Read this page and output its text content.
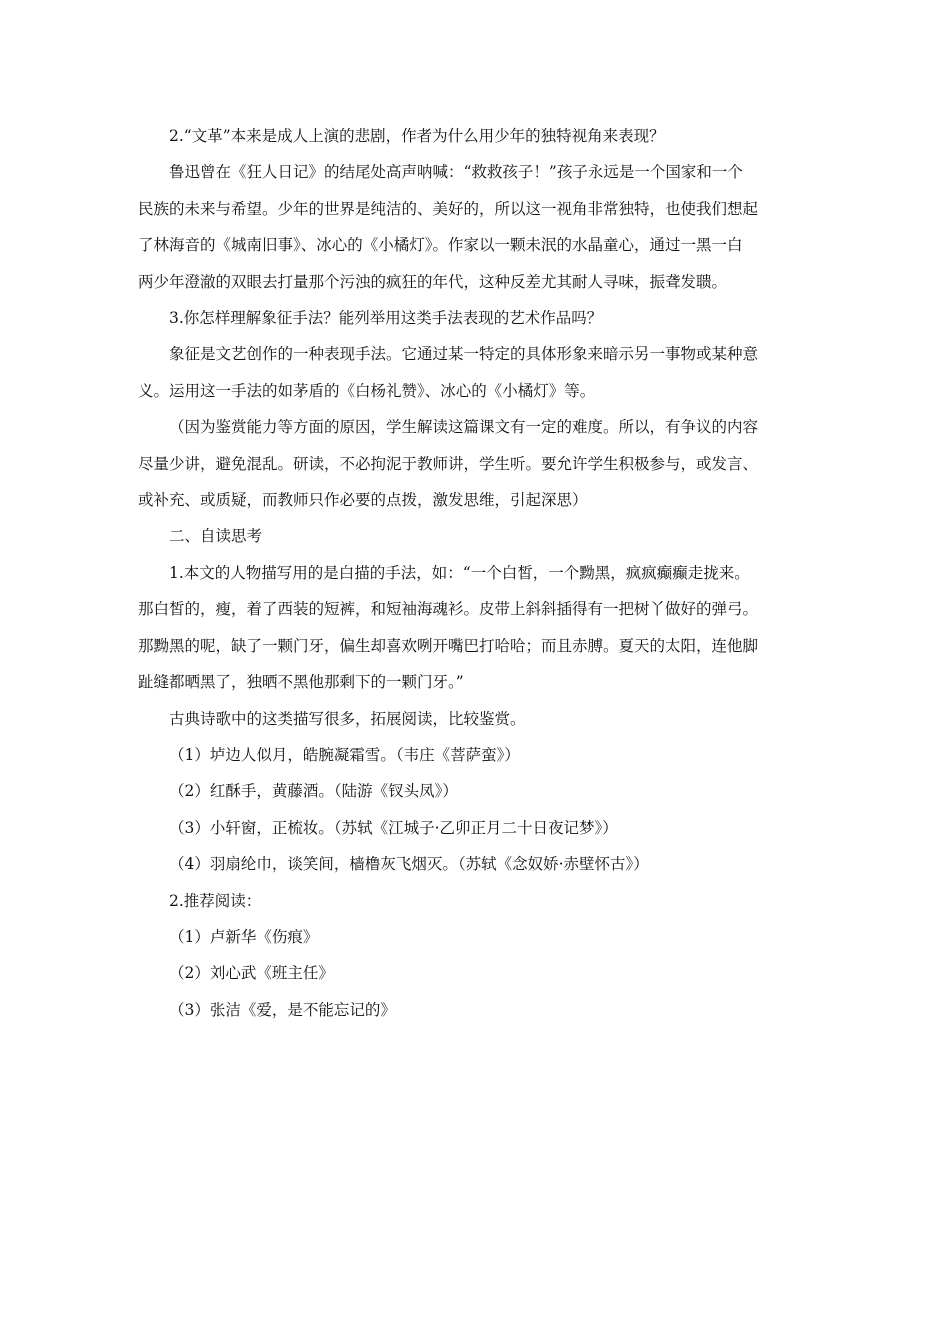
2.“文革”本来是成人上演的悲剧，作者为什么用少年的独特视角来表现？

鲁迅曾在《狂人日记》的结尾处高声呐喊：“救救孩子！”孩子永远是一个国家和一个

民族的未来与希望。少年的世界是纯洁的、美好的，所以这一视角非常独特，也使我们想起

了林海音的《城南旧事》、冰心的《小橘灯》。作家以一颗未泯的水晶童心，通过一黑一白

两少年澄澈的双眼去打量那个污浊的疯狂的年代，这种反差尤其耐人寻味，振聋发聩。

3.你怎样理解象征手法？能列举用这类手法表现的艺术作品吗？

象征是文艺创作的一种表现手法。它通过某一特定的具体形象来暗示另一事物或某种意

义。运用这一手法的如茅盾的《白杨礼赞》、冰心的《小橘灯》等。

（因为鉴赏能力等方面的原因，学生解读这篇课文有一定的难度。所以，有争议的内容

尽量少讲，避免混乱。研读，不必拘泥于教师讲，学生听。要允许学生积极参与，或发言、

或补充、或质疑，而教师只作必要的点拨，激发思维，引起深思）

二、自读思考

1.本文的人物描写用的是白描的手法，如：“一个白皙，一个黝黑，疯疯癫癫走拢来。

那白皙的，瘦，着了西装的短裤，和短袖海魂衫。皮带上斜斜插得有一把树丫做好的弹弓。

那黝黑的呢，缺了一颗门牙，偏生却喜欢咧开嘴巴打哈哈；而且赤膊。夏天的太阳，连他脚

趾缝都晒黑了，独晒不黑他那剩下的一颗门牙。”

古典诗歌中的这类描写很多，拓展阅读，比较鉴赏。

（1）垆边人似月，皓腕凝霜雪。（韦庄《菩萨蛮》）

（2）红酥手，黄藤酒。（陆游《钗头凤》）

（3）小轩窗，正梳妆。（苏轼《江城子·乙卯正月二十日夜记梦》）

（4）羽扇纶巾，谈笑间，樯橹灰飞烟灭。（苏轼《念奴娇·赤壁怀古》）

2.推荐阅读：

（1）卢新华《伤痕》

（2）刘心武《班主任》

（3）张洁《爱，是不能忘记的》
